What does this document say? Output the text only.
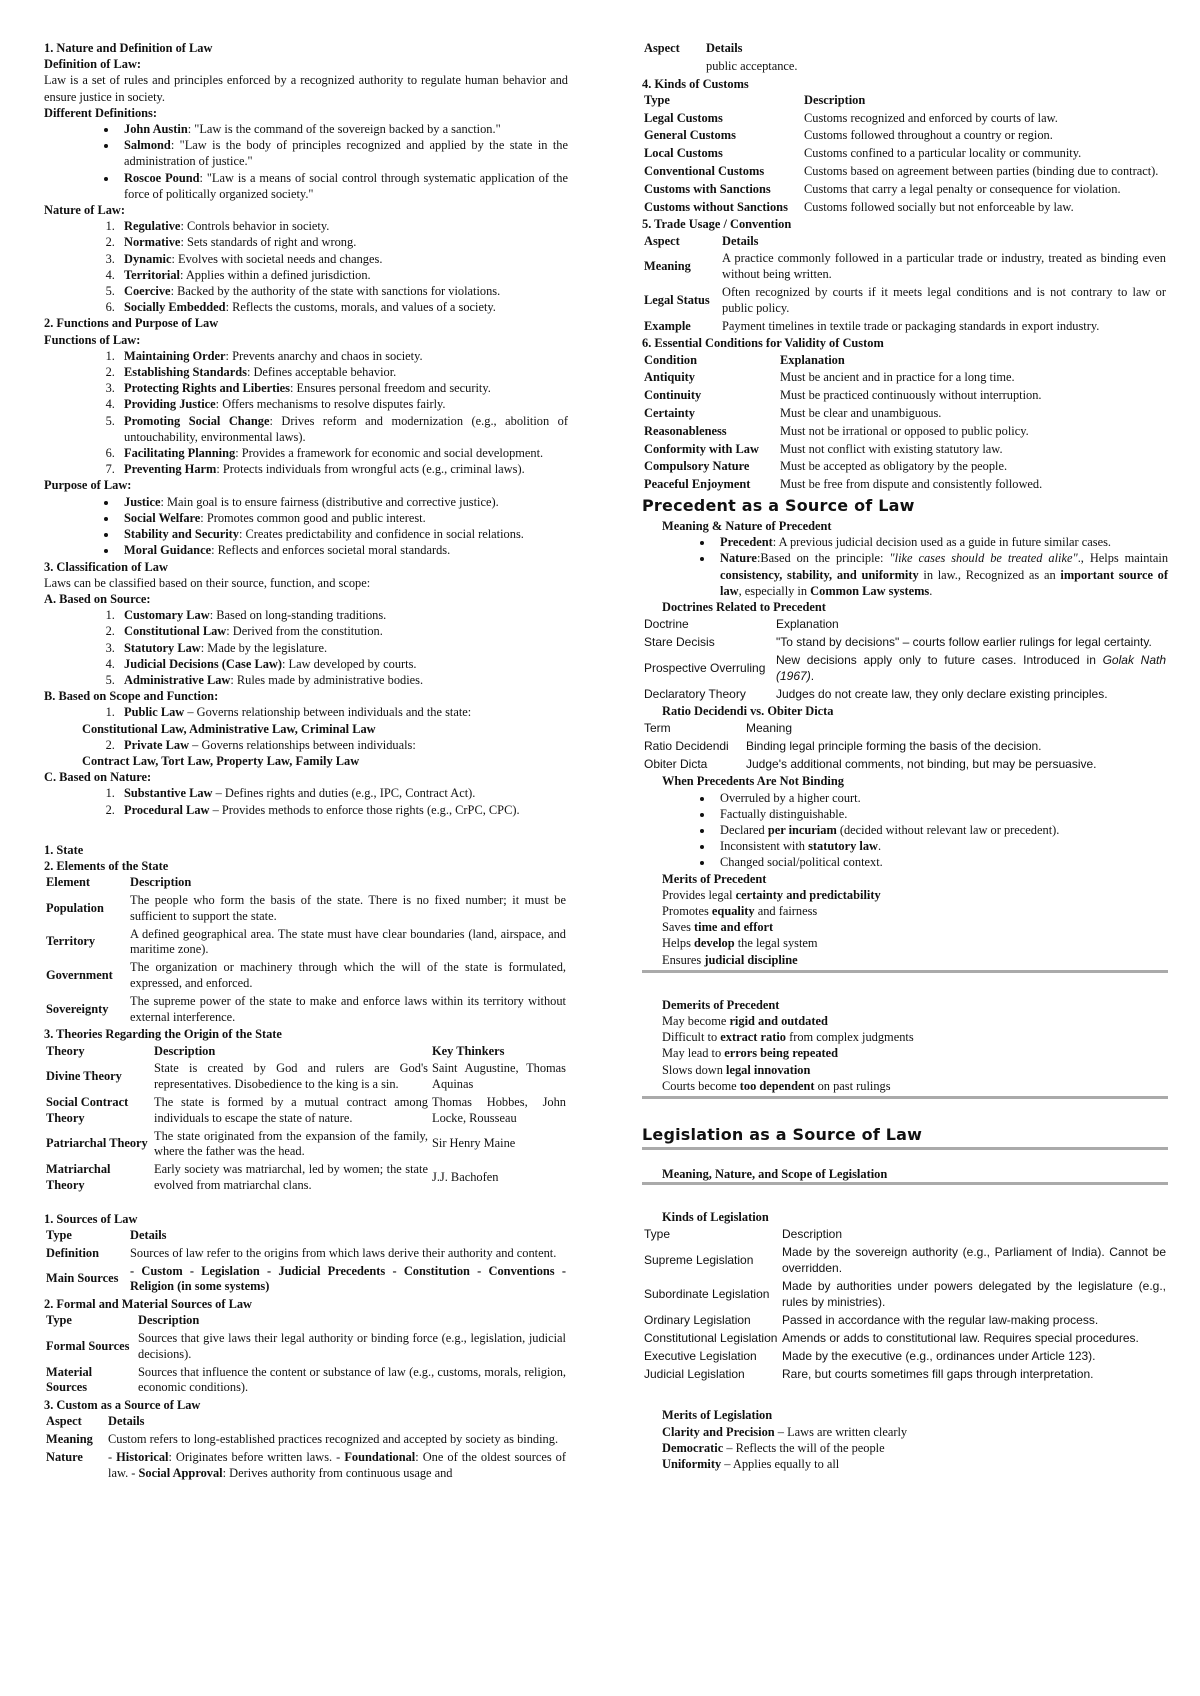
1. Nature and Definition of Law

Definition of Law:

Law is a set of rules and principles enforced by a recognized authority to regulate human behavior and ensure justice in society.

Different Definitions:

• John Austin: "Law is the command of the sovereign backed by a sanction."
• Salmond: "Law is the body of principles recognized and applied by the state in the administration of justice."
• Roscoe Pound: "Law is a means of social control through systematic application of the force of politically organized society."

Nature of Law:

1. Regulative: Controls behavior in society.
2. Normative: Sets standards of right and wrong.
3. Dynamic: Evolves with societal needs and changes.
4. Territorial: Applies within a defined jurisdiction.
5. Coercive: Backed by the authority of the state with sanctions for violations.
6. Socially Embedded: Reflects the customs, morals, and values of a society.

2. Functions and Purpose of Law

Functions of Law:

1. Maintaining Order: Prevents anarchy and chaos in society.
2. Establishing Standards: Defines acceptable behavior.
3. Protecting Rights and Liberties: Ensures personal freedom and security.
4. Providing Justice: Offers mechanisms to resolve disputes fairly.
5. Promoting Social Change: Drives reform and modernization (e.g., abolition of untouchability, environmental laws).
6. Facilitating Planning: Provides a framework for economic and social development.
7. Preventing Harm: Protects individuals from wrongful acts (e.g., criminal laws).

Purpose of Law:

• Justice: Main goal is to ensure fairness (distributive and corrective justice).
• Social Welfare: Promotes common good and public interest.
• Stability and Security: Creates predictability and confidence in social relations.
• Moral Guidance: Reflects and enforces societal moral standards.

3. Classification of Law

Laws can be classified based on their source, function, and scope:

A. Based on Source:

1. Customary Law: Based on long-standing traditions.
2. Constitutional Law: Derived from the constitution.
3. Statutory Law: Made by the legislature.
4. Judicial Decisions (Case Law): Law developed by courts.
5. Administrative Law: Rules made by administrative bodies.

B. Based on Scope and Function:

1. Public Law – Governs relationship between individuals and the state:

Constitutional Law, Administrative Law, Criminal Law

2. Private Law – Governs relationships between individuals:

Contract Law, Tort Law, Property Law, Family Law

C. Based on Nature:

1. Substantive Law – Defines rights and duties (e.g., IPC, Contract Act).
2. Procedural Law – Provides methods to enforce those rights (e.g., CrPC, CPC).

1. State

2. Elements of the State

Element	Description
Population	The people who form the basis of the state. There is no fixed number; it must be sufficient to support the state.
Territory	A defined geographical area. The state must have clear boundaries (land, airspace, and maritime zone).
Government	The organization or machinery through which the will of the state is formulated, expressed, and enforced.
Sovereignty	The supreme power of the state to make and enforce laws within its territory without external interference.

3. Theories Regarding the Origin of the State

Theory	Description	Key Thinkers
Divine Theory	State is created by God and rulers are God's representatives. Disobedience to the king is a sin.	Saint Augustine, Thomas Aquinas
Social Contract Theory	The state is formed by a mutual contract among individuals to escape the state of nature.	Thomas Hobbes, John Locke, Rousseau
Patriarchal Theory	The state originated from the expansion of the family, where the father was the head.	Sir Henry Maine
Matriarchal Theory	Early society was matriarchal, led by women; the state evolved from matriarchal clans.	J.J. Bachofen

1. Sources of Law

Type	Details
Definition	Sources of law refer to the origins from which laws derive their authority and content.
Main Sources	- Custom - Legislation - Judicial Precedents - Constitution - Conventions - Religion (in some systems)

2. Formal and Material Sources of Law

Type	Description
Formal Sources	Sources that give laws their legal authority or binding force (e.g., legislation, judicial decisions).
Material Sources	Sources that influence the content or substance of law (e.g., customs, morals, religion, economic conditions).

3. Custom as a Source of Law

Aspect	Details
Meaning	Custom refers to long-established practices recognized and accepted by society as binding.
Nature	- Historical: Originates before written laws. - Foundational: One of the oldest sources of law. - Social Approval: Derives authority from continuous usage and
Aspect	Details
	public acceptance.

4. Kinds of Customs

Type	Description
Legal Customs	Customs recognized and enforced by courts of law.
General Customs	Customs followed throughout a country or region.
Local Customs	Customs confined to a particular locality or community.
Conventional Customs	Customs based on agreement between parties (binding due to contract).
Customs with Sanctions	Customs that carry a legal penalty or consequence for violation.
Customs without Sanctions	Customs followed socially but not enforceable by law.

5. Trade Usage / Convention

Aspect	Details
Meaning	A practice commonly followed in a particular trade or industry, treated as binding even without being written.
Legal Status	Often recognized by courts if it meets legal conditions and is not contrary to law or public policy.
Example	Payment timelines in textile trade or packaging standards in export industry.

6. Essential Conditions for Validity of Custom

Condition	Explanation
Antiquity	Must be ancient and in practice for a long time.
Continuity	Must be practiced continuously without interruption.
Certainty	Must be clear and unambiguous.
Reasonableness	Must not be irrational or opposed to public policy.
Conformity with Law	Must not conflict with existing statutory law.
Compulsory Nature	Must be accepted as obligatory by the people.
Peaceful Enjoyment	Must be free from dispute and consistently followed.

Precedent as a Source of Law

Meaning & Nature of Precedent

• Precedent: A previous judicial decision used as a guide in future similar cases.
• Nature:Based on the principle: "like cases should be treated alike"., Helps maintain consistency, stability, and uniformity in law., Recognized as an important source of law, especially in Common Law systems.

Doctrines Related to Precedent

Doctrine	Explanation
Stare Decisis	"To stand by decisions" – courts follow earlier rulings for legal certainty.
Prospective Overruling	New decisions apply only to future cases. Introduced in Golak Nath (1967).
Declaratory Theory	Judges do not create law, they only declare existing principles.

Ratio Decidendi vs. Obiter Dicta

Term	Meaning
Ratio Decidendi	Binding legal principle forming the basis of the decision.
Obiter Dicta	Judge's additional comments, not binding, but may be persuasive.

When Precedents Are Not Binding

• Overruled by a higher court.
• Factually distinguishable.
• Declared per incuriam (decided without relevant law or precedent).
• Inconsistent with statutory law.
• Changed social/political context.

Merits of Precedent

Provides legal certainty and predictability

Promotes equality and fairness

Saves time and effort

Helps develop the legal system

Ensures judicial discipline

Demerits of Precedent

May become rigid and outdated

Difficult to extract ratio from complex judgments

May lead to errors being repeated

Slows down legal innovation

Courts become too dependent on past rulings

Legislation as a Source of Law

Meaning, Nature, and Scope of Legislation

Kinds of Legislation

Type	Description
Supreme Legislation	Made by the sovereign authority (e.g., Parliament of India). Cannot be overridden.
Subordinate Legislation	Made by authorities under powers delegated by the legislature (e.g., rules by ministries).
Ordinary Legislation	Passed in accordance with the regular law-making process.
Constitutional Legislation	Amends or adds to constitutional law. Requires special procedures.
Executive Legislation	Made by the executive (e.g., ordinances under Article 123).
Judicial Legislation	Rare, but courts sometimes fill gaps through interpretation.

Merits of Legislation

Clarity and Precision – Laws are written clearly

Democratic – Reflects the will of the people

Uniformity – Applies equally to all
